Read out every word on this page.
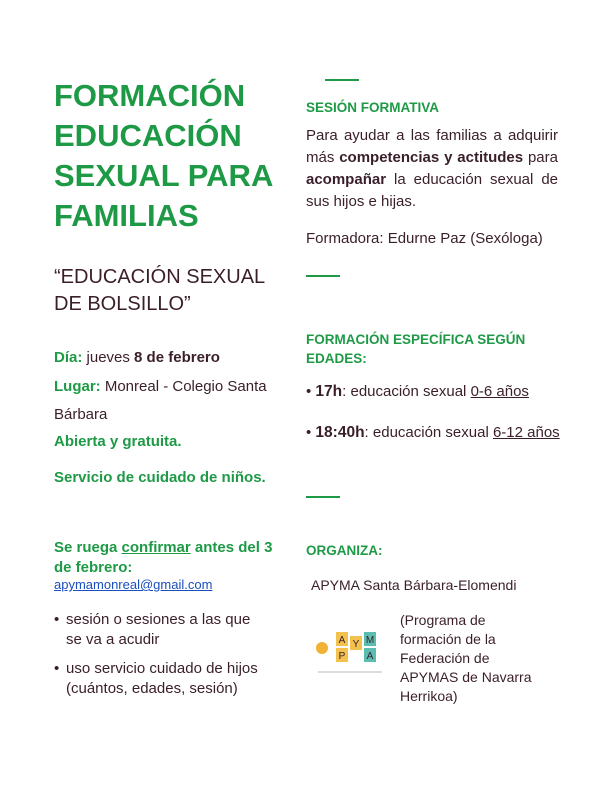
FORMACIÓN
EDUCACIÓN
SEXUAL PARA
FAMILIAS
“EDUCACIÓN SEXUAL
DE BOLSILLO”
Día: jueves 8 de febrero
Lugar: Monreal - Colegio Santa
Bárbara
Abierta y gratuita.
Servicio de cuidado de niños.
Se ruega confirmar antes del 3
de febrero:
apymamonreal@gmail.com
• sesión o sesiones a las que
se va a acudir
• uso servicio cuidado de hijos
(cuántos, edades, sesión)
SESIÓN FORMATIVA
Para ayudar a las familias a adquirir más competencias y actitudes para acompañar la educación sexual de sus hijos e hijas.
Formadora: Edurne Paz (Sexóloga)
FORMACIÓN ESPECÍFICA SEGÚN
EDADES:
• 17h: educación sexual 0-6 años
• 18:40h: educación sexual 6-12 años
ORGANIZA:
APYMA Santa Bárbara-Elomendi
A
P
Y M
A
(Programa de
formación de la
Federación de
APYMAS de Navarra
Herrikoa)
